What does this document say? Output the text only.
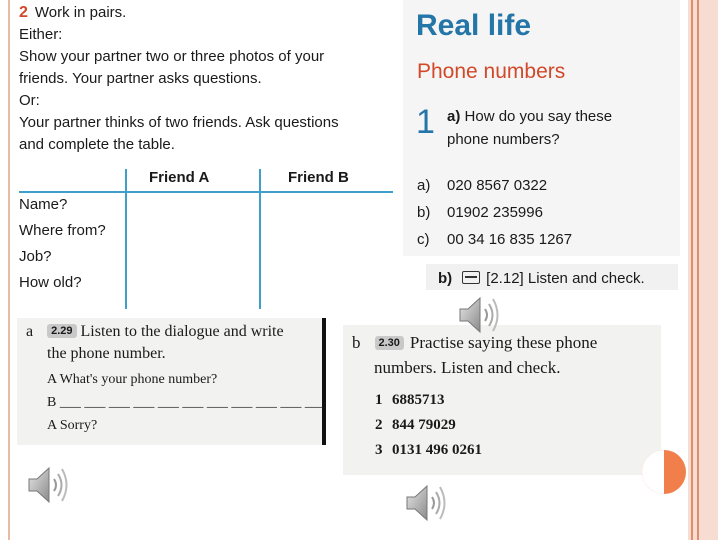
2 Work in pairs.
Either:
Show your partner two or three photos of your
friends. Your partner asks questions.
Or:
Your partner thinks of two friends. Ask questions
and complete the table.
Friend A	Friend B
Name?
Where from?
Job?
How old?
Real life
Phone numbers
1 a) How do you say these
phone numbers?
a) 020 8567 0322
b) 01902 235996
c) 00 34 16 835 1267
b) [2.12] Listen and check.
a 2.29 Listen to the dialogue and write
the phone number.
A What's your phone number?
B ___ ___ ___ ___ ___ ___ ___ ___ ___ ___ ___
A Sorry?
b 2.30 Practise saying these phone
numbers. Listen and check.
1 6885713
2 844 79029
3 0131 496 0261
